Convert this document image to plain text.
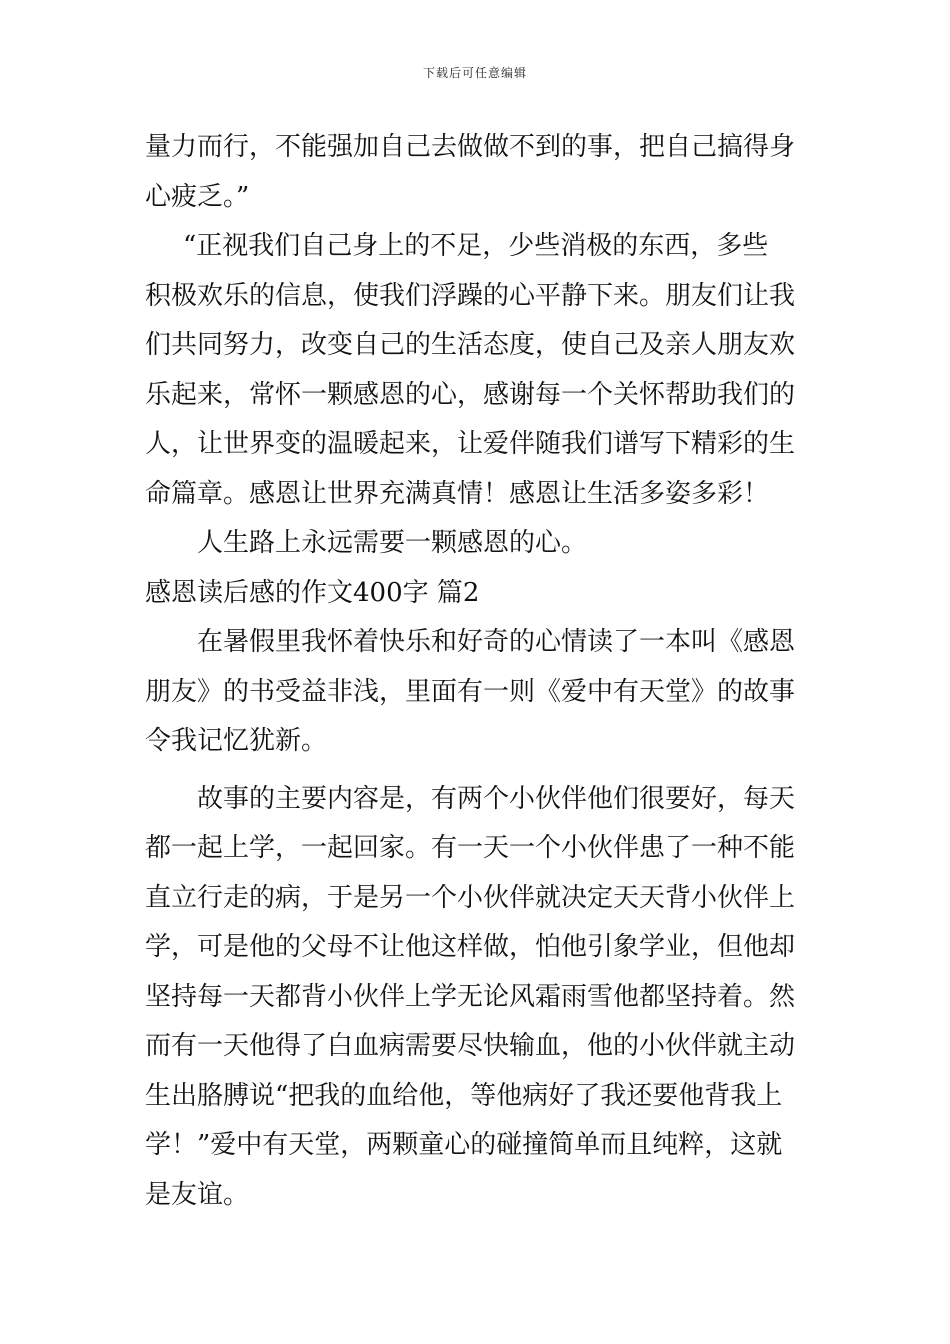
下载后可任意编辑
量力而行，不能强加自己去做做不到的事，把自己搞得身
心疲乏。”
“正视我们自己身上的不足，少些消极的东西，多些
积极欢乐的信息，使我们浮躁的心平静下来。朋友们让我
们共同努力，改变自己的生活态度，使自己及亲人朋友欢
乐起来，常怀一颗感恩的心，感谢每一个关怀帮助我们的
人，让世界变的温暖起来，让爱伴随我们谱写下精彩的生
命篇章。感恩让世界充满真情！感恩让生活多姿多彩！
人生路上永远需要一颗感恩的心。
感恩读后感的作文400字 篇2
在暑假里我怀着快乐和好奇的心情读了一本叫《感恩
朋友》的书受益非浅，里面有一则《爱中有天堂》的故事
令我记忆犹新。
故事的主要内容是，有两个小伙伴他们很要好，每天
都一起上学，一起回家。有一天一个小伙伴患了一种不能
直立行走的病，于是另一个小伙伴就决定天天背小伙伴上
学，可是他的父母不让他这样做，怕他引象学业，但他却
坚持每一天都背小伙伴上学无论风霜雨雪他都坚持着。然
而有一天他得了白血病需要尽快输血，他的小伙伴就主动
生出胳膊说“把我的血给他，等他病好了我还要他背我上
学！”爱中有天堂，两颗童心的碰撞简单而且纯粹，这就
是友谊。
